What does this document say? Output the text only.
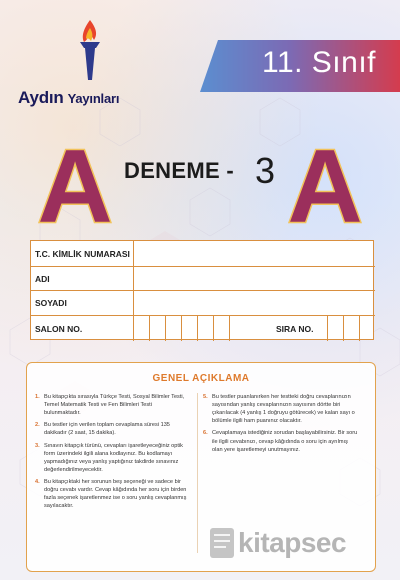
Aydın Yayınları
11. Sınıf
A A
DENEME - 3
T.C. KİMLİK NUMARASI
ADI
SOYADI
SALON NO.	SIRA NO.
GENEL AÇIKLAMA
1. Bu kitapçıkta sırasıyla Türkçe Testi, Sosyal Bilimler Testi, Temel Matematik Testi ve Fen Bilimleri Testi bulunmaktadır.
2. Bu testler için verilen toplam cevaplama süresi 135 dakikadır (2 saat, 15 dakika).
3. Sınavın kitapçık türünü, cevapları işaretleyeceğiniz optik form üzerindeki ilgili alana kodlayınız. Bu kodlamayı yapmadığınız veya yanlış yaptığınız takdirde sınavınız değerlendirilmeyecektir.
4. Bu kitapçıktaki her sorunun beş seçeneği ve sadece bir doğru cevabı vardır. Cevap kâğıdında her soru için birden fazla seçenek işaretlenmez ise o soru yanlış cevaplanmış sayılacaktır.
5. Bu testler puanlanırken her testteki doğru cevaplarınızın sayısından yanlış cevaplarınızın sayısının dörtte biri çıkarılacak (4 yanlış 1 doğruyu götürecek) ve kalan sayı o bölümle ilgili ham puanınız olacaktır.
6. Cevaplamaya istediğiniz sorudan başlayabilirsiniz. Bir soru ile ilgili cevabınızı, cevap kâğıdında o soru için ayrılmış olan yere işaretlemeyi unutmayınız.
kitapsec
